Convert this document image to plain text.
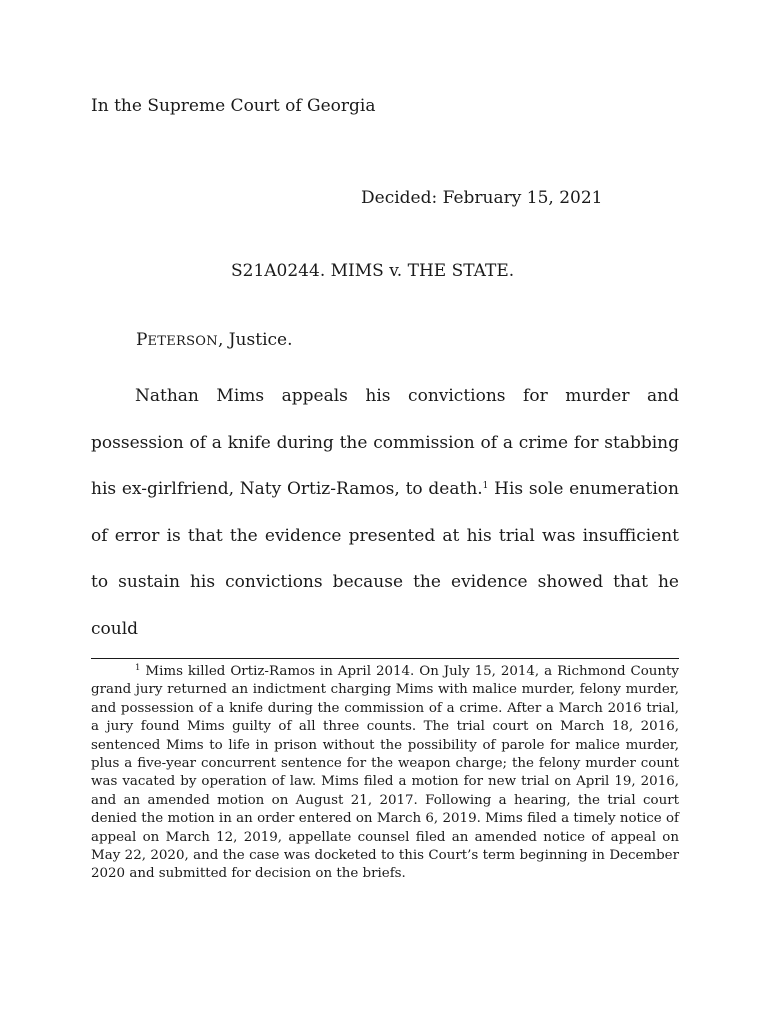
In the Supreme Court of Georgia
Decided: February 15, 2021
S21A0244. MIMS v. THE STATE.
PETERSON, Justice.

Nathan Mims appeals his convictions for murder and possession of a knife during the commission of a crime for stabbing his ex-girlfriend, Naty Ortiz-Ramos, to death.$^1$ His sole enumeration of error is that the evidence presented at his trial was insufficient to sustain his convictions because the evidence showed that he could

$^1$ Mims killed Ortiz-Ramos in April 2014. On July 15, 2014, a Richmond County grand jury returned an indictment charging Mims with malice murder, felony murder, and possession of a knife during the commission of a crime. After a March 2016 trial, a jury found Mims guilty of all three counts. The trial court on March 18, 2016, sentenced Mims to life in prison without the possibility of parole for malice murder, plus a five-year concurrent sentence for the weapon charge; the felony murder count was vacated by operation of law. Mims filed a motion for new trial on April 19, 2016, and an amended motion on August 21, 2017. Following a hearing, the trial court denied the motion in an order entered on March 6, 2019. Mims filed a timely notice of appeal on March 12, 2019, appellate counsel filed an amended notice of appeal on May 22, 2020, and the case was docketed to this Court’s term beginning in December 2020 and submitted for decision on the briefs.
